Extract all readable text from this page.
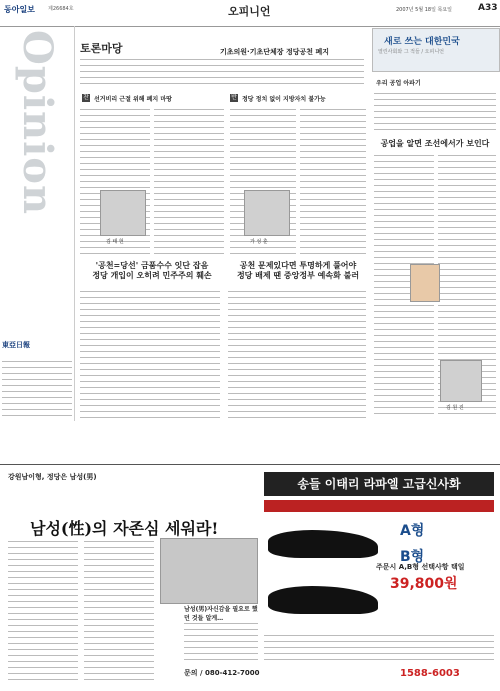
동아일보	제26684호	오피니언	2007년 5월 18일 목요일	A33
Opinion
東亞日報
토론마당	기초의원·기초단체장 정당공천 폐지
찬 선거비리 근절 위해 폐지 마땅	반 정당 정치 없이 지방자치 불가능
김 태 헌	가 성 훈
'공천=당선' 금품수수 잇단 잡음
정당 개입이 오히려 민주주의 훼손
공천 문제있다면 투명하게 풀어야
정당 배제 땐 중앙정부 예속화 불러
새로 쓰는 대한민국
열린사회와 그 적들 / 오피니언
우리 공업 아파기
공업을 알면 조선에서가 보인다
김 원 진
강원남이형, 정당은 남성(男)
남성(性)의 자존심 세워라!
남성(男)자신감을 필요로 했던 것들 알게…
문의 / 080-412-7000
송들 이태리 라파엘 고급신사화
A형
B형
주문시 A,B형 선택사항 택일
39,800원
1588-6003
